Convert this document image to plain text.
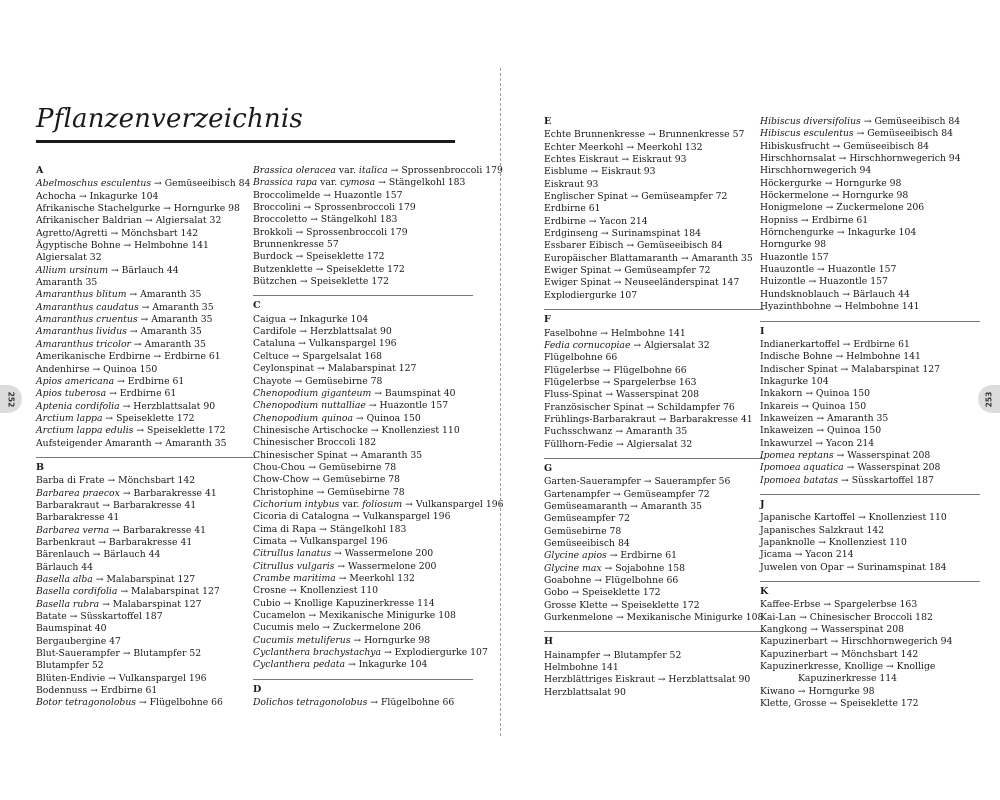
Pflanzenverzeichnis
A
Abelmoschus esculentus → Gemüseeibisch 84
Achocha → Inkagurke 104
Afrikanische Stachelgurke → Horngurke 98
Afrikanischer Baldrian → Algiersalat 32
Agretto/Agretti → Mönchsbart 142
Ägyptische Bohne → Helmbohne 141
Algiersalat 32
Allium ursinum → Bärlauch 44
Amaranth 35
Amaranthus blitum → Amaranth 35
Amaranthus caudatus → Amaranth 35
Amaranthus cruentus → Amaranth 35
Amaranthus lividus → Amaranth 35
Amaranthus tricolor → Amaranth 35
Amerikanische Erdbirne → Erdbirne 61
Andenhirse → Quinoa 150
Apios americana → Erdbirne 61
Apios tuberosa → Erdbirne 61
Aptenia cordifolia → Herzblattsalat 90
Arctium lappa → Speiseklette 172
Arctium lappa edulis → Speiseklette 172
Aufsteigender Amaranth → Amaranth 35
B
Barba di Frate → Mönchsbart 142
Barbarea praecox → Barbarakresse 41
Barbarakraut → Barbarakresse 41
Barbarakresse 41
Barbarea verna → Barbarakresse 41
Barbenkraut → Barbarakresse 41
Bärenlauch → Bärlauch 44
Bärlauch 44
Basella alba → Malabarspinat 127
Basella cordifolia → Malabarspinat 127
Basella rubra → Malabarspinat 127
Batate → Süsskartoffel 187
Baumspinat 40
Bergaubergine 47
Blut-Sauerampfer → Blutampfer 52
Blutampfer 52
Blüten-Endivie → Vulkanspargel 196
Bodennuss → Erdbirne 61
Botor tetragonolobus → Flügelbohne 66
Brassica oleracea var. italica → Sprossenbroccoli 179
Brassica rapa var. cymosa → Stängelkohl 183
Broccolimelde → Huazontle 157
Broccolini → Sprossenbroccoli 179
Broccoletto → Stängelkohl 183
Brokkoli → Sprossenbroccoli 179
Brunnenkresse 57
Burdock → Speiseklette 172
Butzenklette → Speiseklette 172
Bützchen → Speiseklette 172
C
Caigua → Inkagurke 104
Cardifole → Herzblattsalat 90
Cataluna → Vulkanspargel 196
Celtuce → Spargelsalat 168
Ceylonspinat → Malabarspinat 127
Chayote → Gemüsebirne 78
Chenopodium giganteum → Baumspinat 40
Chenopodium nuttalliae → Huazontle 157
Chenopodium quinoa → Quinoa 150
Chinesische Artischocke → Knollenziest 110
Chinesischer Broccoli 182
Chinesischer Spinat → Amaranth 35
Chou-Chou → Gemüsebirne 78
Chow-Chow → Gemüsebirne 78
Christophine → Gemüsebirne 78
Cichorium intybus var. foliosum → Vulkanspargel 196
Cicoria di Catalogna → Vulkanspargel 196
Cima di Rapa → Stängelkohl 183
Cimata → Vulkanspargel 196
Citrullus lanatus → Wassermelone 200
Citrullus vulgaris → Wassermelone 200
Crambe maritima → Meerkohl 132
Crosne → Knollenziest 110
Cubio → Knollige Kapuzinerkresse 114
Cucamelon → Mexikanische Minigurke 108
Cucumis melo → Zuckermelone 206
Cucumis metuliferus → Horngurke 98
Cyclanthera brachystachya → Explodiergurke 107
Cyclanthera pedata → Inkagurke 104
D
Dolichos tetragonolobus → Flügelbohne 66
252
E
Echte Brunnenkresse → Brunnenkresse 57
Echter Meerkohl → Meerkohl 132
Echtes Eiskraut → Eiskraut 93
Eisblume → Eiskraut 93
Eiskraut 93
Englischer Spinat → Gemüseampfer 72
Erdbirne 61
Erdbirne → Yacon 214
Erdginseng → Surinamspinat 184
Essbarer Eibisch → Gemüseeibisch 84
Europäischer Blattamaranth → Amaranth 35
Ewiger Spinat → Gemüseampfer 72
Ewiger Spinat → Neuseeländerspinat 147
Explodiergurke 107
F
Faselbohne → Helmbohne 141
Fedia cornucopiae → Algiersalat 32
Flügelbohne 66
Flügelerbse → Flügelbohne 66
Flügelerbse → Spargelerbse 163
Fluss-Spinat → Wasserspinat 208
Französischer Spinat → Schildampfer 76
Frühlings-Barbarakraut → Barbarakresse 41
Fuchsschwanz → Amaranth 35
Füllhorn-Fedie → Algiersalat 32
G
Garten-Sauerampfer → Sauerampfer 56
Gartenampfer → Gemüseampfer 72
Gemüseamaranth → Amaranth 35
Gemüseampfer 72
Gemüsebirne 78
Gemüseeibisch 84
Glycine apios → Erdbirne 61
Glycine max → Sojabohne 158
Goabohne → Flügelbohne 66
Gobo → Speiseklette 172
Grosse Klette → Speiseklette 172
Gurkenmelone → Mexikanische Minigurke 108
H
Hainampfer → Blutampfer 52
Helmbohne 141
Herzblättriges Eiskraut → Herzblattsalat 90
Herzblattsalat 90
Hibiscus diversifolius → Gemüseeibisch 84
Hibiscus esculentus → Gemüseeibisch 84
Hibiskusfrucht → Gemüseeibisch 84
Hirschhornsalat → Hirschhornwegerich 94
Hirschhornwegerich 94
Höckergurke → Horngurke 98
Höckermelone → Horngurke 98
Honigmelone → Zuckermelone 206
Hopniss → Erdbirne 61
Hörnchengurke → Inkagurke 104
Horngurke 98
Huazontle 157
Huauzontle → Huazontle 157
Huizontle → Huazontle 157
Hundsknoblauch → Bärlauch 44
Hyazinthbohne → Helmbohne 141
I
Indianerkartoffel → Erdbirne 61
Indische Bohne → Helmbohne 141
Indischer Spinat → Malabarspinat 127
Inkagurke 104
Inkakorn → Quinoa 150
Inkareis → Quinoa 150
Inkaweizen → Amaranth 35
Inkaweizen → Quinoa 150
Inkawurzel → Yacon 214
Ipomea reptans → Wasserspinat 208
Ipomoea aquatica → Wasserspinat 208
Ipomoea batatas → Süsskartoffel 187
J
Japanische Kartoffel → Knollenziest 110
Japanisches Salzkraut 142
Japanknolle → Knollenziest 110
Jicama → Yacon 214
Juwelen von Opar → Surinamspinat 184
K
Kaffee-Erbse → Spargelerbse 163
Kai-Lan → Chinesischer Broccoli 182
Kangkong → Wasserspinat 208
Kapuzinerbart → Hirschhornwegerich 94
Kapuzinerbart → Mönchsbart 142
Kapuzinerkresse, Knollige → Knollige Kapuzinerkresse 114
Kiwano → Horngurke 98
Klette, Grosse → Speiseklette 172
253
